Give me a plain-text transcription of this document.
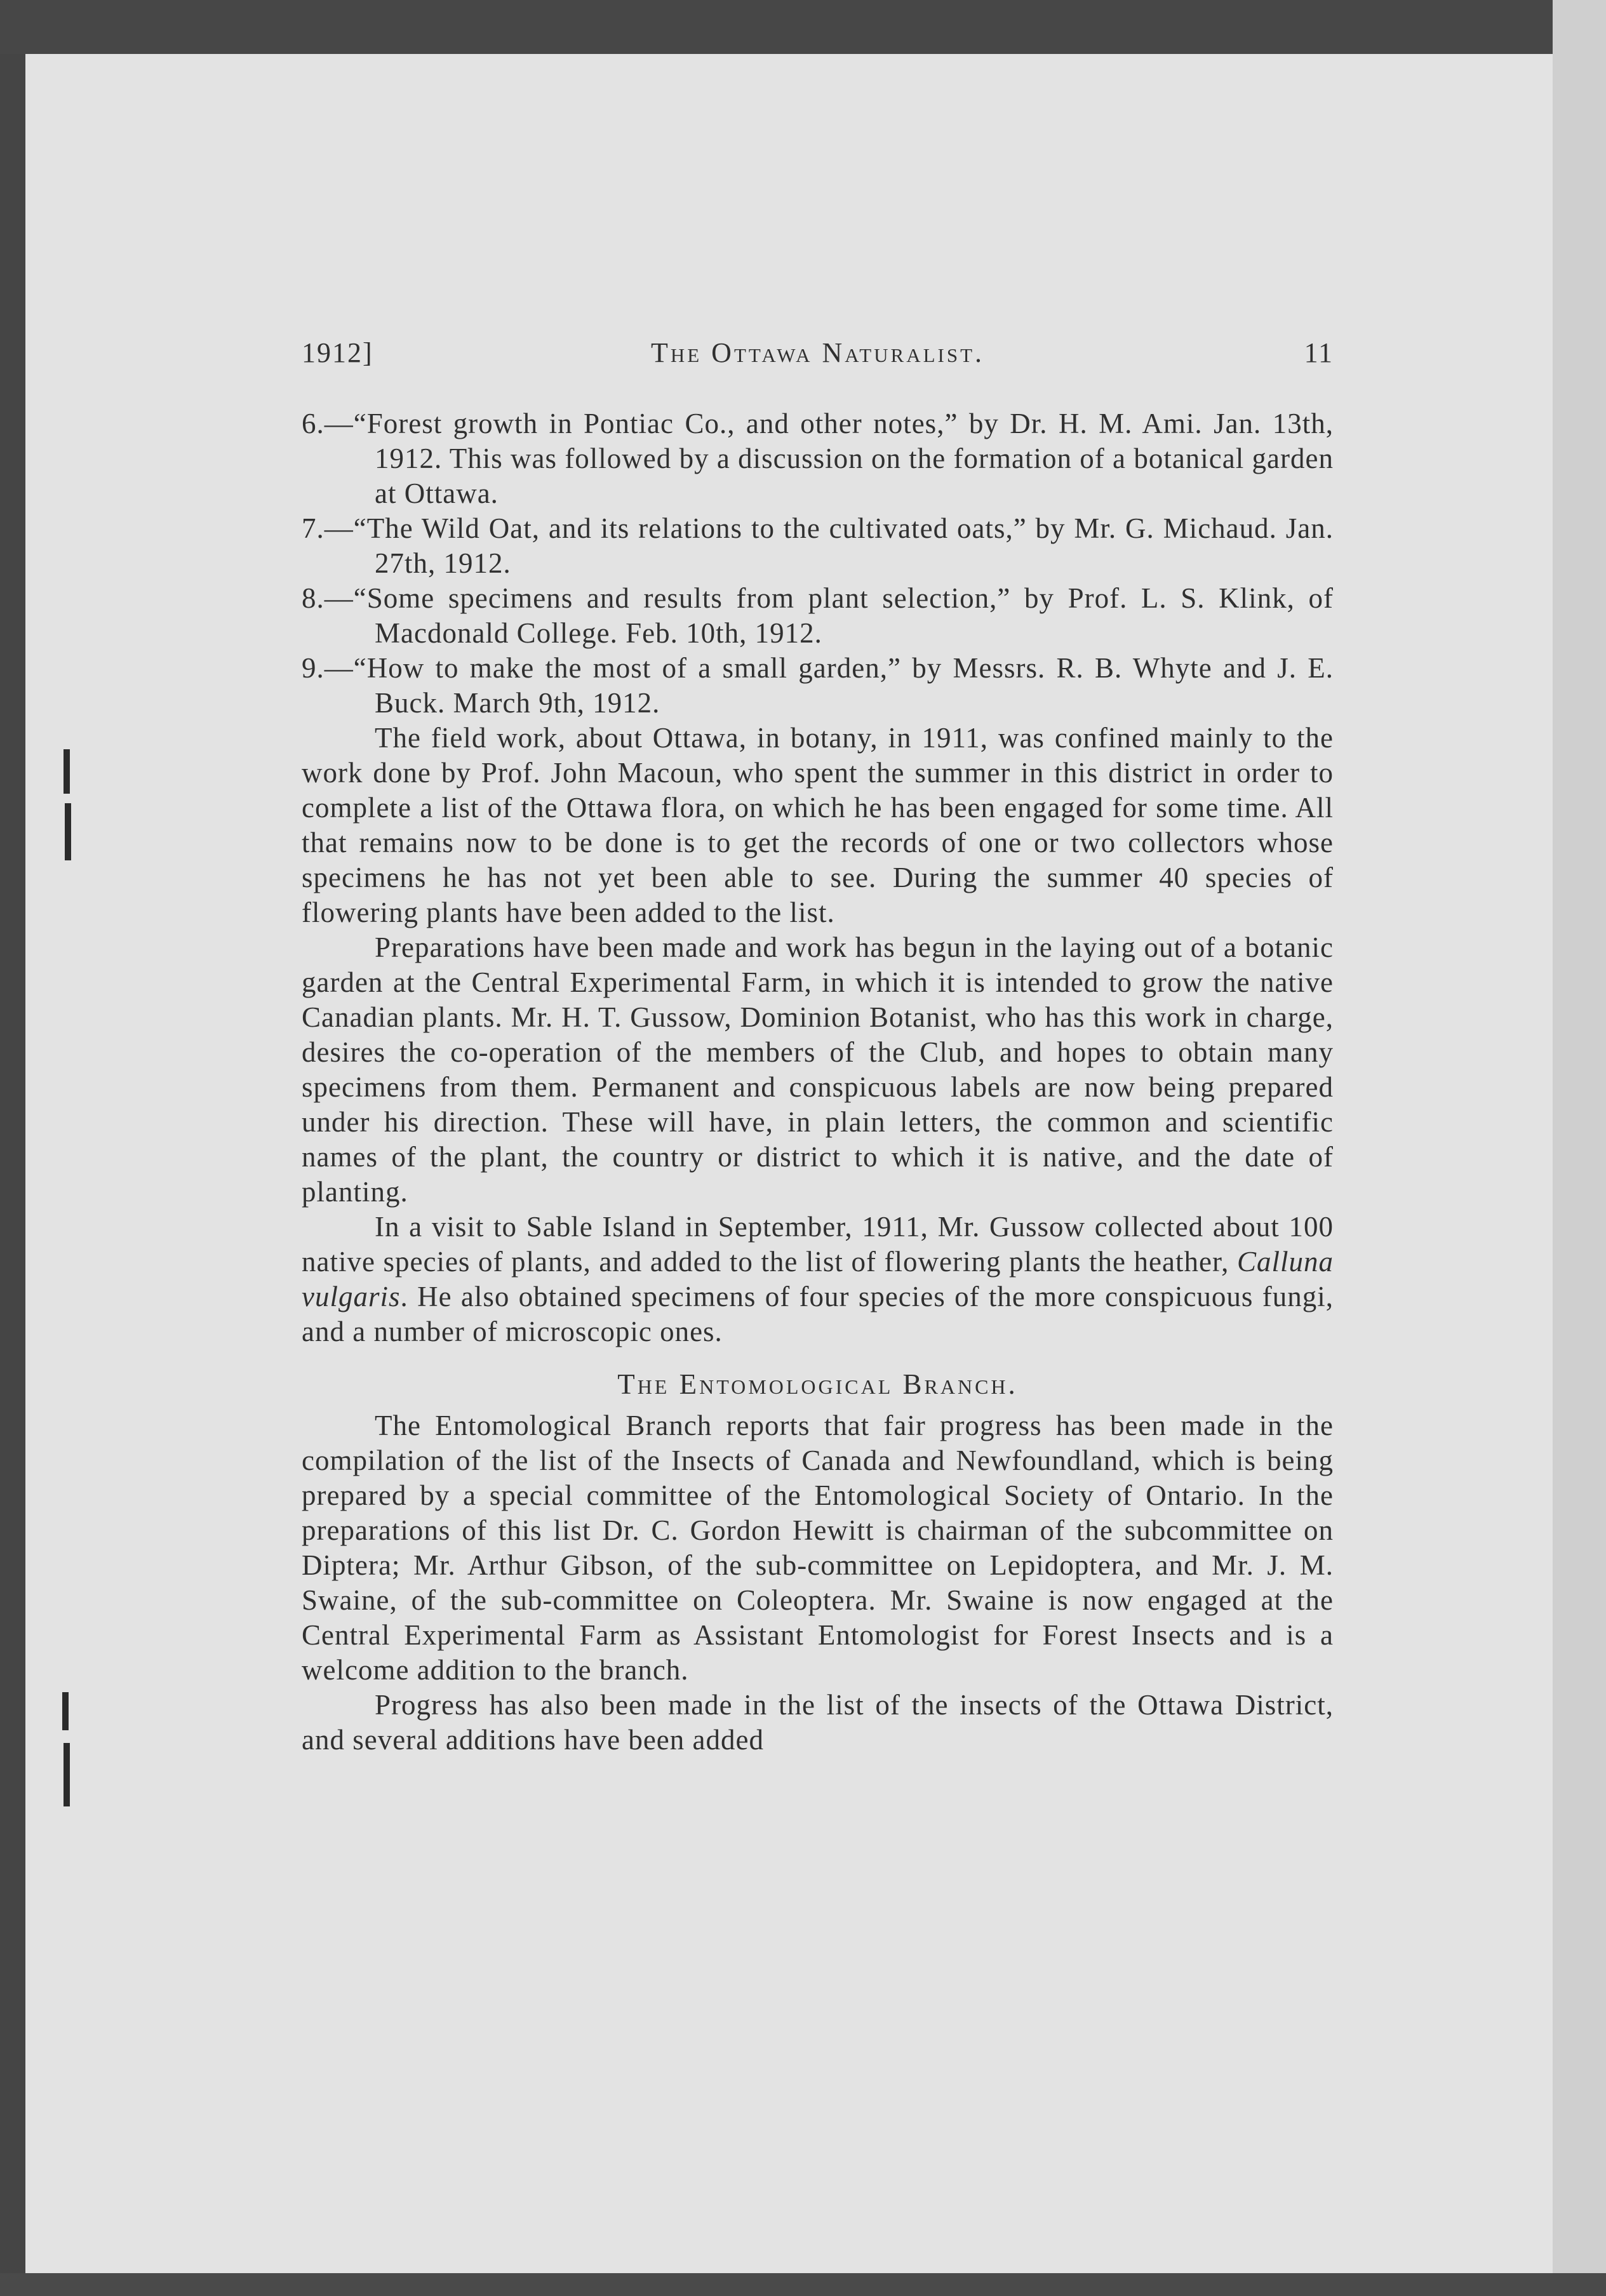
1912]	The Ottawa Naturalist.	11

6.—“Forest growth in Pontiac Co., and other notes,” by Dr. H. M. Ami. Jan. 13th, 1912. This was followed by a discussion on the formation of a botanical garden at Ottawa.

7.—“The Wild Oat, and its relations to the cultivated oats,” by Mr. G. Michaud. Jan. 27th, 1912.

8.—“Some specimens and results from plant selection,” by Prof. L. S. Klink, of Macdonald College. Feb. 10th, 1912.

9.—“How to make the most of a small garden,” by Messrs. R. B. Whyte and J. E. Buck. March 9th, 1912.

The field work, about Ottawa, in botany, in 1911, was confined mainly to the work done by Prof. John Macoun, who spent the summer in this district in order to complete a list of the Ottawa flora, on which he has been engaged for some time. All that remains now to be done is to get the records of one or two collectors whose specimens he has not yet been able to see. During the summer 40 species of flowering plants have been added to the list.

Preparations have been made and work has begun in the laying out of a botanic garden at the Central Experimental Farm, in which it is intended to grow the native Canadian plants. Mr. H. T. Gussow, Dominion Botanist, who has this work in charge, desires the co-operation of the members of the Club, and hopes to obtain many specimens from them. Permanent and conspicuous labels are now being prepared under his direction. These will have, in plain letters, the common and scientific names of the plant, the country or district to which it is native, and the date of planting.

In a visit to Sable Island in September, 1911, Mr. Gussow collected about 100 native species of plants, and added to the list of flowering plants the heather, Calluna vulgaris. He also obtained specimens of four species of the more conspicuous fungi, and a number of microscopic ones.

The Entomological Branch.

The Entomological Branch reports that fair progress has been made in the compilation of the list of the Insects of Canada and Newfoundland, which is being prepared by a special committee of the Entomological Society of Ontario. In the preparations of this list Dr. C. Gordon Hewitt is chairman of the subcommittee on Diptera; Mr. Arthur Gibson, of the sub-committee on Lepidoptera, and Mr. J. M. Swaine, of the sub-committee on Coleoptera. Mr. Swaine is now engaged at the Central Experimental Farm as Assistant Entomologist for Forest Insects and is a welcome addition to the branch.

Progress has also been made in the list of the insects of the Ottawa District, and several additions have been added
